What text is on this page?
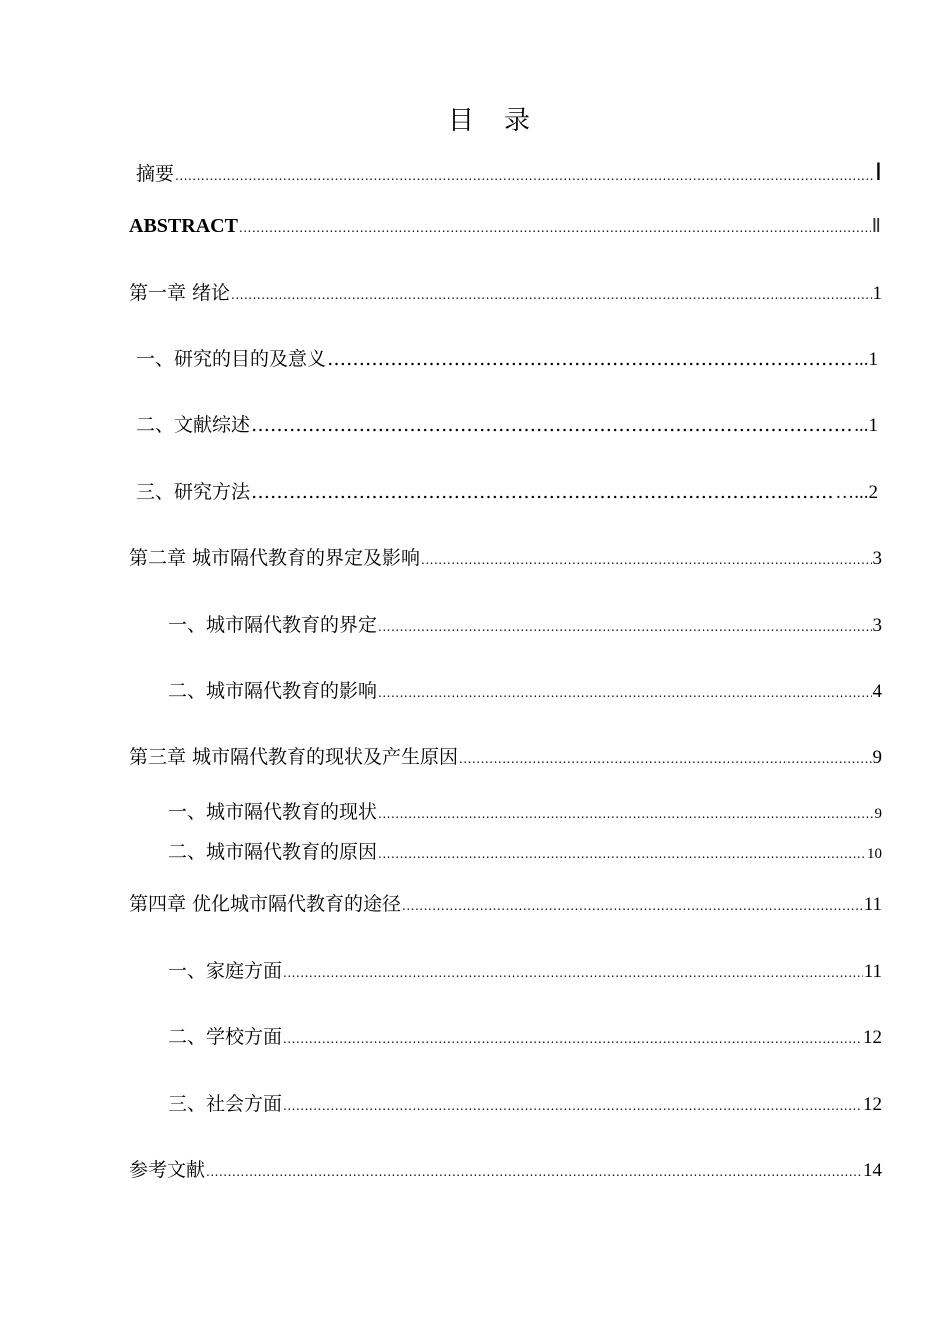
目 录
摘要 .....	Ⅰ
ABSTRACT .....	Ⅱ
第一章 绪论 .....	1
一、研究的目的及意义 …………………………………………………………………………………………………………………………………………………………………………………	...1
二、文献综述 …………………………………………………………………………………………………………………………………………………………………………………	...1
三、研究方法 …………………………………………………………………………………………………………………………………………………………………………………	…...2
第二章 城市隔代教育的界定及影响 .....	3
一、城市隔代教育的界定 .....	3
二、城市隔代教育的影响 .....	4
第三章 城市隔代教育的现状及产生原因 .....	9
一、城市隔代教育的现状 .....	9
二、城市隔代教育的原因 .....	10
第四章 优化城市隔代教育的途径 .....	11
一、家庭方面 .....	11
二、学校方面 .....	12
三、社会方面 .....	12
参考文献 .....	14
